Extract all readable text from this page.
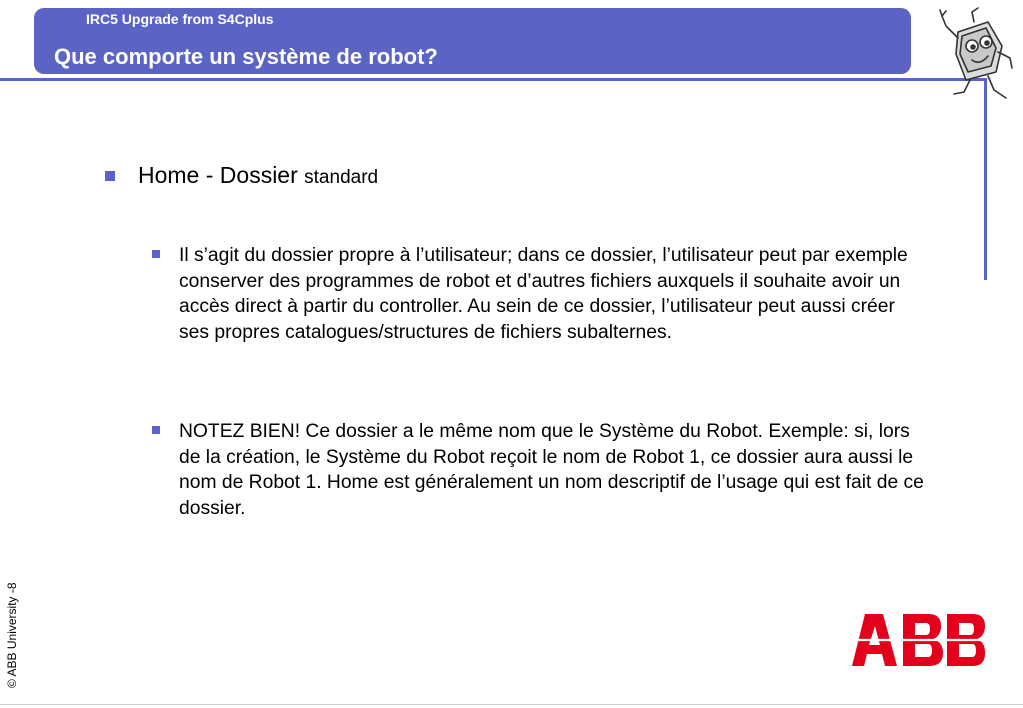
IRC5 Upgrade from S4Cplus
Que comporte un système de robot?
Home - Dossier standard
Il s’agit du dossier propre à l’utilisateur; dans ce dossier, l’utilisateur peut par exemple conserver des programmes de robot et d’autres fichiers auxquels il souhaite avoir un accès direct à partir du controller. Au sein de ce dossier, l’utilisateur peut aussi créer ses propres catalogues/structures de fichiers subalternes.
NOTEZ BIEN! Ce dossier a le même nom que le Système du Robot. Exemple: si, lors de la création, le Système du Robot reçoit le nom de Robot 1, ce dossier aura aussi le nom de Robot 1. Home est généralement un nom descriptif de l’usage qui est fait de ce dossier.
© ABB University -8
